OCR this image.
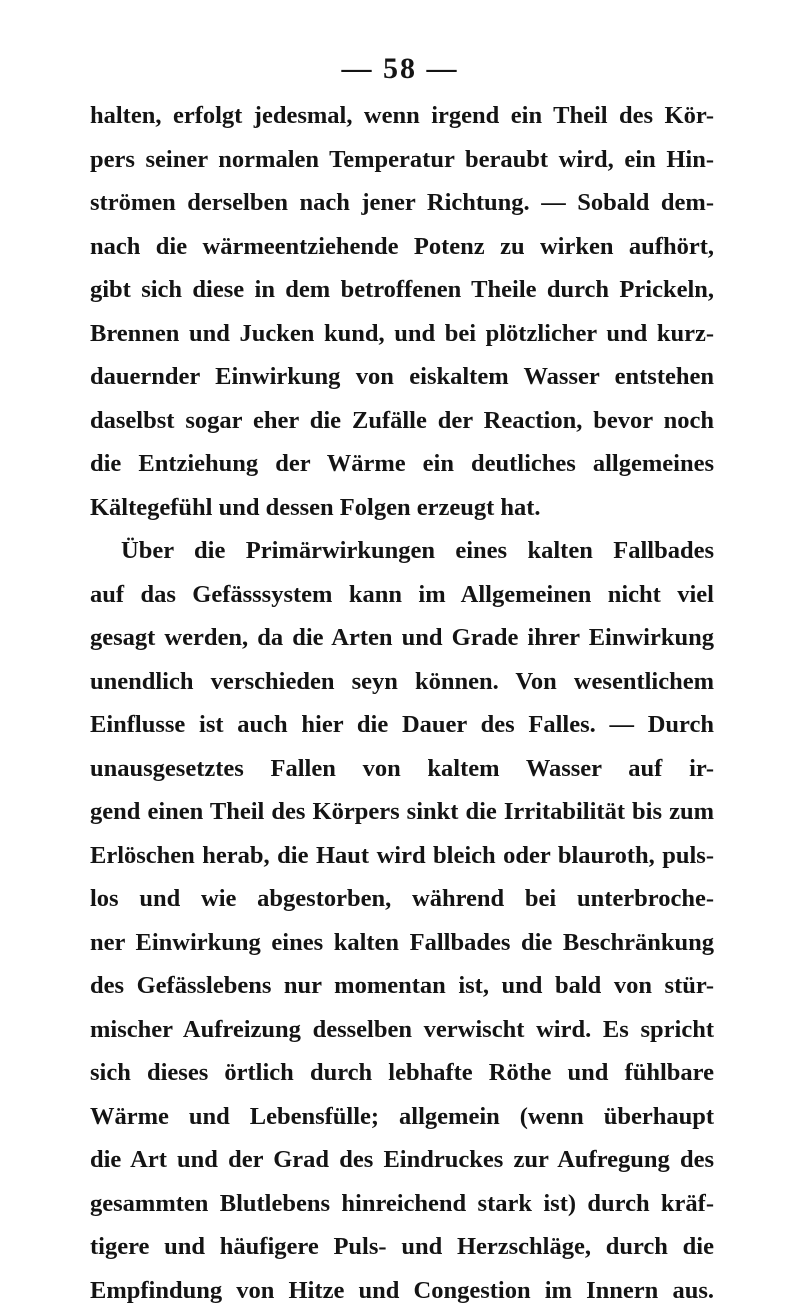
— 58 —
halten, erfolgt jedesmal, wenn irgend ein Theil des Kör-
pers seiner normalen Temperatur beraubt wird, ein Hin-
strömen derselben nach jener Richtung. — Sobald dem-
nach die wärmeentziehende Potenz zu wirken aufhört,
gibt sich diese in dem betroffenen Theile durch Prickeln,
Brennen und Jucken kund, und bei plötzlicher und kurz-
dauernder Einwirkung von eiskaltem Wasser entstehen
daselbst sogar eher die Zufälle der Reaction, bevor noch
die Entziehung der Wärme ein deutliches allgemeines
Kältegefühl und dessen Folgen erzeugt hat.
Über die Primärwirkungen eines kalten Fallbades
auf das Gefässsystem kann im Allgemeinen nicht viel
gesagt werden, da die Arten und Grade ihrer Einwirkung
unendlich verschieden seyn können. Von wesentlichem
Einflusse ist auch hier die Dauer des Falles. — Durch
unausgesetztes Fallen von kaltem Wasser auf ir-
gend einen Theil des Körpers sinkt die Irritabilität bis zum
Erlöschen herab, die Haut wird bleich oder blauroth, puls-
los und wie abgestorben, während bei unterbroche-
ner Einwirkung eines kalten Fallbades die Beschränkung
des Gefässlebens nur momentan ist, und bald von stür-
mischer Aufreizung desselben verwischt wird. Es spricht
sich dieses örtlich durch lebhafte Röthe und fühlbare
Wärme und Lebensfülle; allgemein (wenn überhaupt
die Art und der Grad des Eindruckes zur Aufregung des
gesammten Blutlebens hinreichend stark ist) durch kräf-
tigere und häufigere Puls- und Herzschläge, durch die
Empfindung von Hitze und Congestion im Innern aus.
